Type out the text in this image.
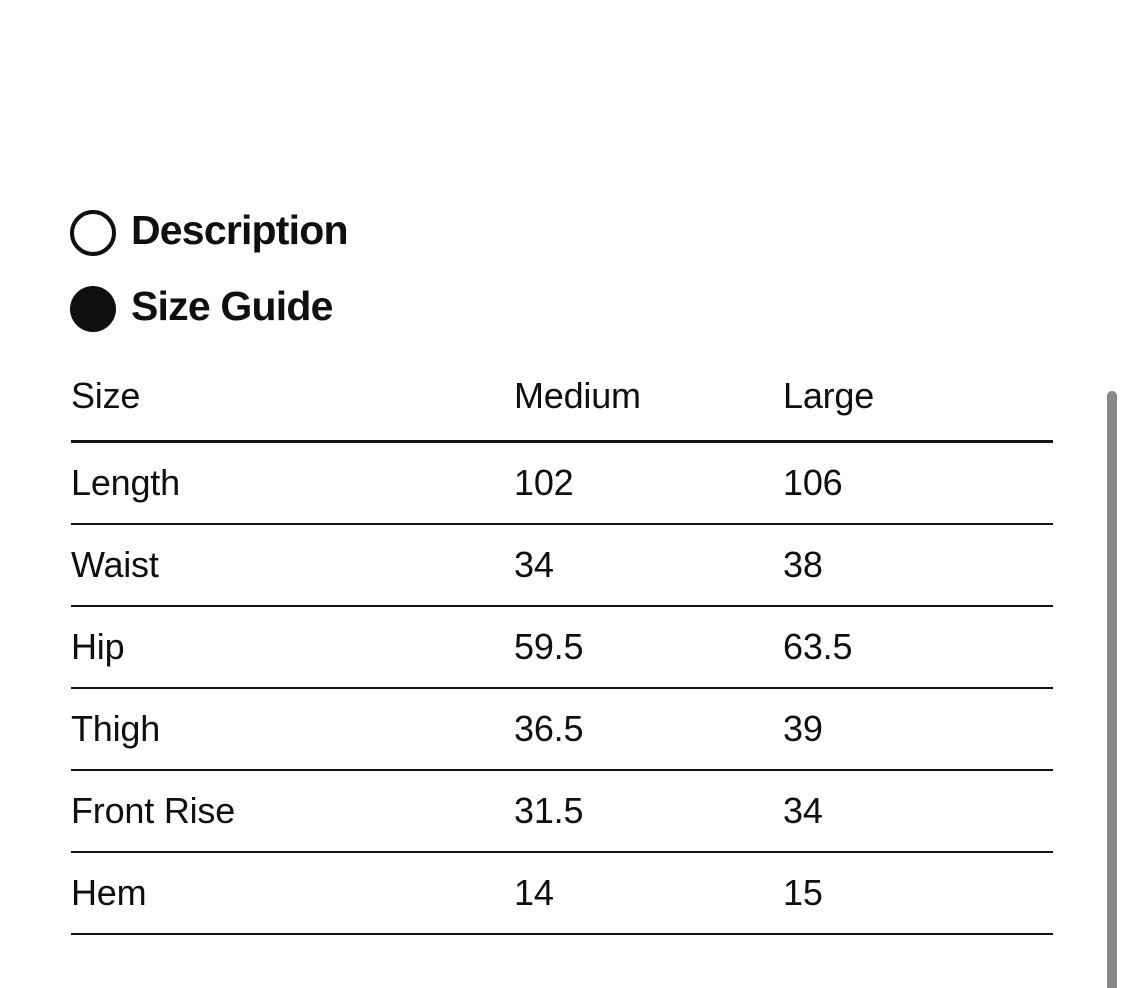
Description
Size Guide
Size	Medium	Large
Length	102	106
Waist	34	38
Hip	59.5	63.5
Thigh	36.5	39
Front Rise	31.5	34
Hem	14	15
